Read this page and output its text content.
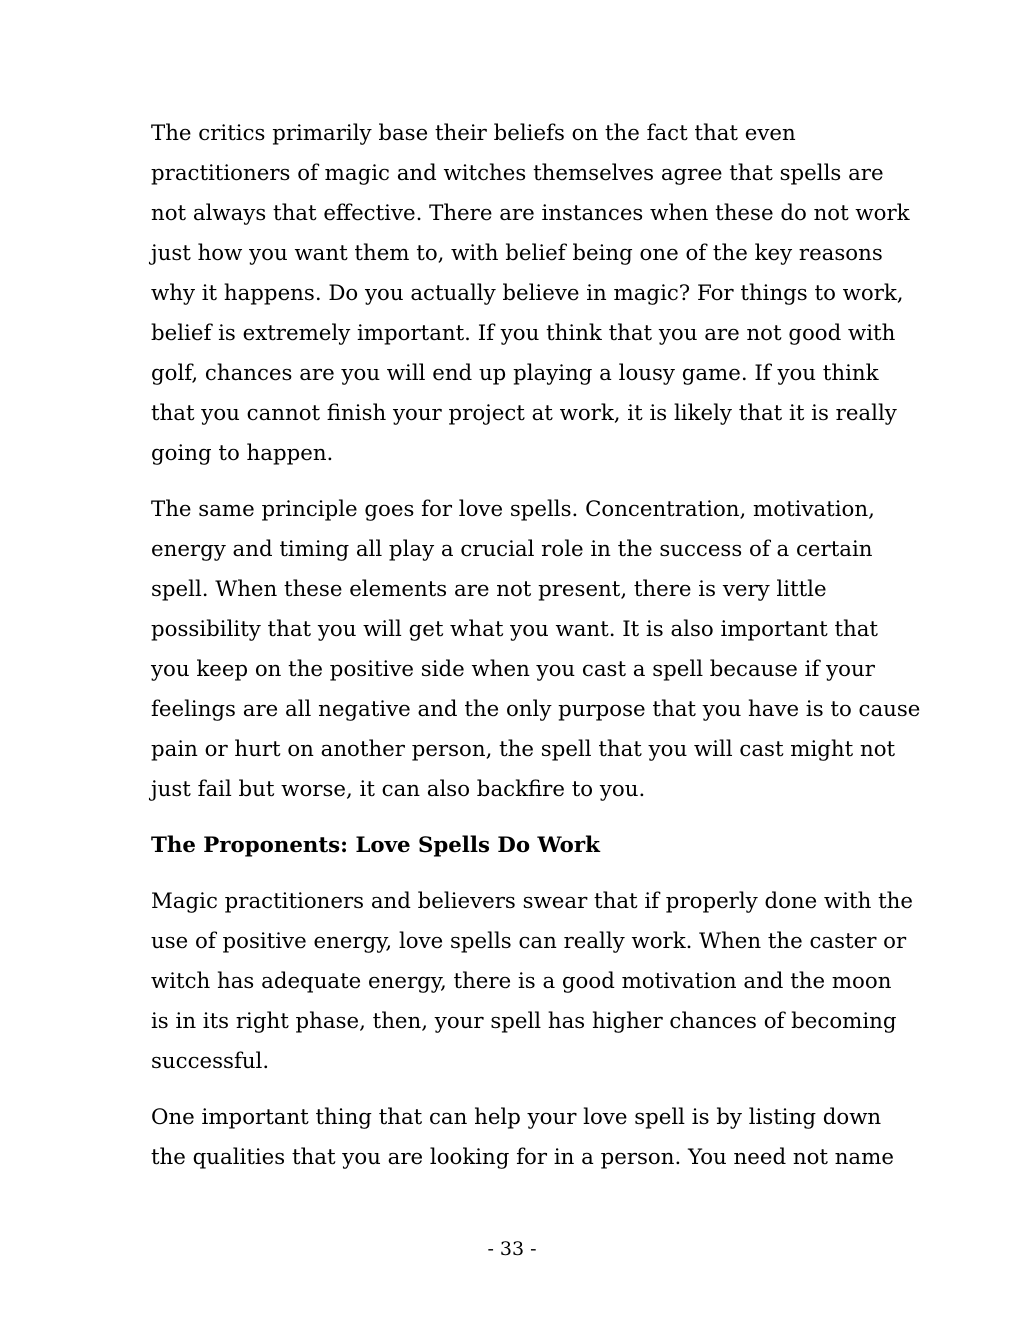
The critics primarily base their beliefs on the fact that even
practitioners of magic and witches themselves agree that spells are
not always that effective. There are instances when these do not work
just how you want them to, with belief being one of the key reasons
why it happens. Do you actually believe in magic? For things to work,
belief is extremely important. If you think that you are not good with
golf, chances are you will end up playing a lousy game. If you think
that you cannot finish your project at work, it is likely that it is really
going to happen.

The same principle goes for love spells. Concentration, motivation,
energy and timing all play a crucial role in the success of a certain
spell. When these elements are not present, there is very little
possibility that you will get what you want. It is also important that
you keep on the positive side when you cast a spell because if your
feelings are all negative and the only purpose that you have is to cause
pain or hurt on another person, the spell that you will cast might not
just fail but worse, it can also backfire to you.

The Proponents: Love Spells Do Work

Magic practitioners and believers swear that if properly done with the
use of positive energy, love spells can really work. When the caster or
witch has adequate energy, there is a good motivation and the moon
is in its right phase, then, your spell has higher chances of becoming
successful.

One important thing that can help your love spell is by listing down
the qualities that you are looking for in a person. You need not name

- 33 -
